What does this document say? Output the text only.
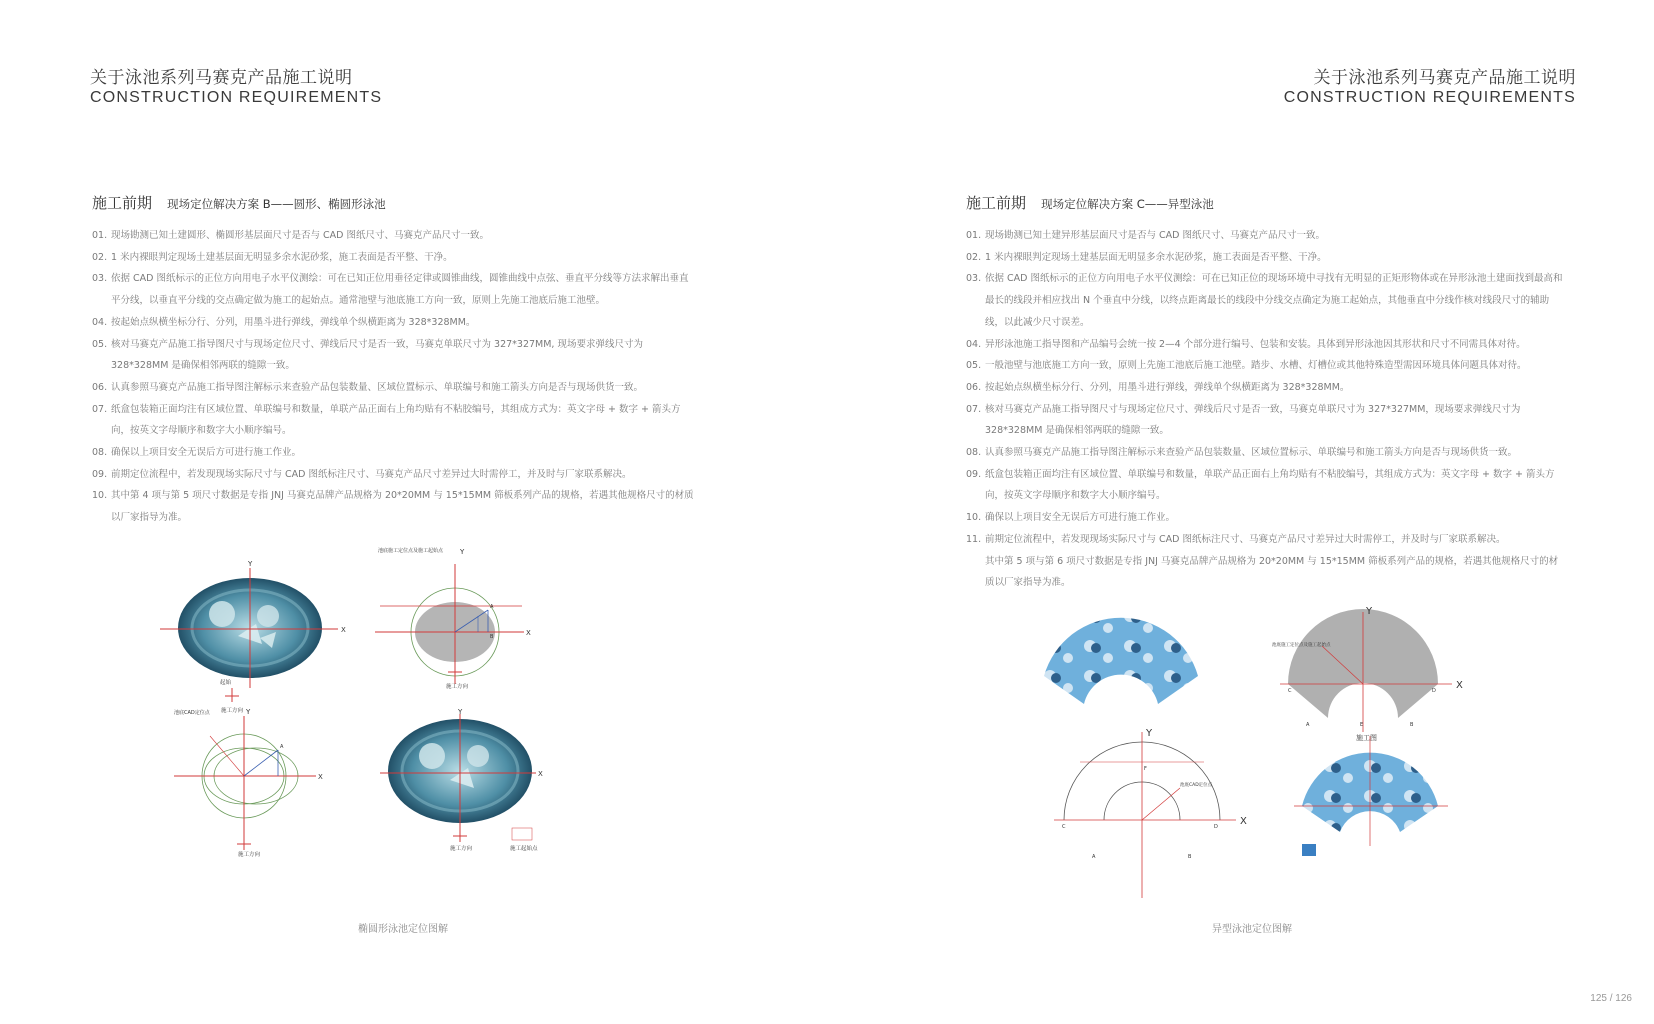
关于泳池系列马赛克产品施工说明
CONSTRUCTION REQUIREMENTS
关于泳池系列马赛克产品施工说明
CONSTRUCTION REQUIREMENTS
施工前期 现场定位解决方案 B——圆形、椭圆形泳池
01. 现场勘测已知土建圆形、椭圆形基层面尺寸是否与 CAD 图纸尺寸、马赛克产品尺寸一致。
02. 1 米内裸眼判定现场土建基层面无明显多余水泥砂浆，施工表面是否平整、干净。
03. 依据 CAD 图纸标示的正位方向用电子水平仪测绘：可在已知正位用垂径定律或圆锥曲线，圆锥曲线中点弦、垂直平分线等方法求解出垂直平分线，以垂直平分线的交点确定做为施工的起始点。通常池壁与池底施工方向一致，原则上先施工池底后施工池壁。
04. 按起始点纵横坐标分行、分列，用墨斗进行弹线，弹线单个纵横距离为 328*328MM。
05. 核对马赛克产品施工指导图尺寸与现场定位尺寸、弹线后尺寸是否一致，马赛克单联尺寸为 327*327MM, 现场要求弹线尺寸为 328*328MM 是确保相邻两联的缝隙一致。
06. 认真参照马赛克产品施工指导图注解标示来查验产品包装数量、区域位置标示、单联编号和施工箭头方向是否与现场供货一致。
07. 纸盒包装箱正面均注有区域位置、单联编号和数量，单联产品正面右上角均贴有不粘胶编号，其组成方式为：英文字母 + 数字 + 箭头方向，按英文字母顺序和数字大小顺序编号。
08. 确保以上项目安全无误后方可进行施工作业。
09. 前期定位流程中，若发现现场实际尺寸与 CAD 图纸标注尺寸、马赛克产品尺寸差异过大时需停工，并及时与厂家联系解决。
10. 其中第 4 项与第 5 项尺寸数据是专指 JNJ 马赛克品牌产品规格为 20*20MM 与 15*15MM 筛板系列产品的规格，若遇其他规格尺寸的材质以厂家指导为准。
施工前期 现场定位解决方案 C——异型泳池
01. 现场勘测已知土建异形基层面尺寸是否与 CAD 图纸尺寸、马赛克产品尺寸一致。
02. 1 米内裸眼判定现场土建基层面无明显多余水泥砂浆，施工表面是否平整、干净。
03. 依据 CAD 图纸标示的正位方向用电子水平仪测绘：可在已知正位的现场环境中寻找有无明显的正矩形物体或在异形泳池土建面找到最高和最长的线段并相应找出 N 个垂直中分线，以终点距离最长的线段中分线交点确定为施工起始点，其他垂直中分线作核对线段尺寸的辅助线，以此减少尺寸误差。
04. 异形泳池施工指导图和产品编号会统一按 2—4 个部分进行编号、包装和安装。具体到异形泳池因其形状和尺寸不同需具体对待。
05. 一般池壁与池底施工方向一致，原则上先施工池底后施工池壁。踏步、水槽、灯槽位或其他特殊造型需因环境具体问题具体对待。
06. 按起始点纵横坐标分行、分列，用墨斗进行弹线，弹线单个纵横距离为 328*328MM。
07. 核对马赛克产品施工指导图尺寸与现场定位尺寸、弹线后尺寸是否一致，马赛克单联尺寸为 327*327MM，现场要求弹线尺寸为 328*328MM 是确保相邻两联的缝隙一致。
08. 认真参照马赛克产品施工指导图注解标示来查验产品包装数量、区域位置标示、单联编号和施工箭头方向是否与现场供货一致。
09. 纸盒包装箱正面均注有区域位置、单联编号和数量，单联产品正面右上角均贴有不粘胶编号，其组成方式为：英文字母 + 数字 + 箭头方向，按英文字母顺序和数字大小顺序编号。
10. 确保以上项目安全无误后方可进行施工作业。
11. 前期定位流程中，若发现现场实际尺寸与 CAD 图纸标注尺寸、马赛克产品尺寸差异过大时需停工，并及时与厂家联系解决。
其中第 5 项与第 6 项尺寸数据是专指 JNJ 马赛克品牌产品规格为 20*20MM 与 15*15MM 筛板系列产品的规格，若遇其他规格尺寸的材质以厂家指导为准。
Y
X
起始
施工方向
Y
X
池底施工定位点及施工起始点
A
B
施工方向
Y
X
池底CAD定位点
A
施工方向
Y
X
施工方向	施工起始点
椭圆形泳池定位图解
Y
X
池底施工定位点及施工起始点
C	D
A	B
E
Y
X
池底CAD定位点
C	D
A	B
F
施工图
异型泳池定位图解
125 / 126
